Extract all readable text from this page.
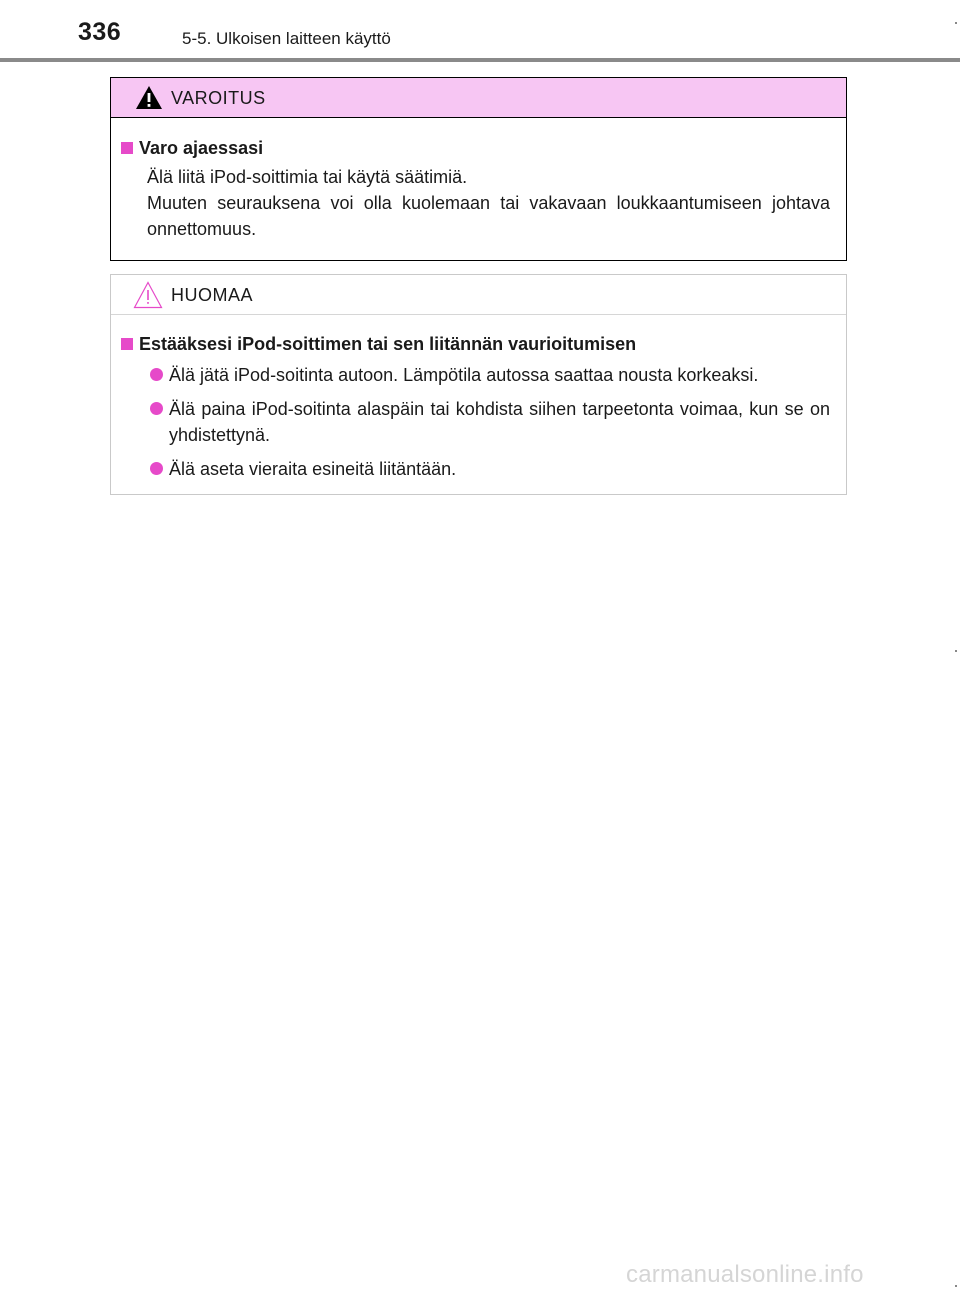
336	5-5. Ulkoisen laitteen käyttö
VAROITUS
Varo ajaessasi
Älä liitä iPod-soittimia tai käytä säätimiä.
Muuten seurauksena voi olla kuolemaan tai vakavaan loukkaantumiseen johtava onnettomuus.
HUOMAA
Estääksesi iPod-soittimen tai sen liitännän vaurioitumisen
Älä jätä iPod-soitinta autoon. Lämpötila autossa saattaa nousta korkeaksi.
Älä paina iPod-soitinta alaspäin tai kohdista siihen tarpeetonta voimaa, kun se on yhdistettynä.
Älä aseta vieraita esineitä liitäntään.
carmanualsonline.info
